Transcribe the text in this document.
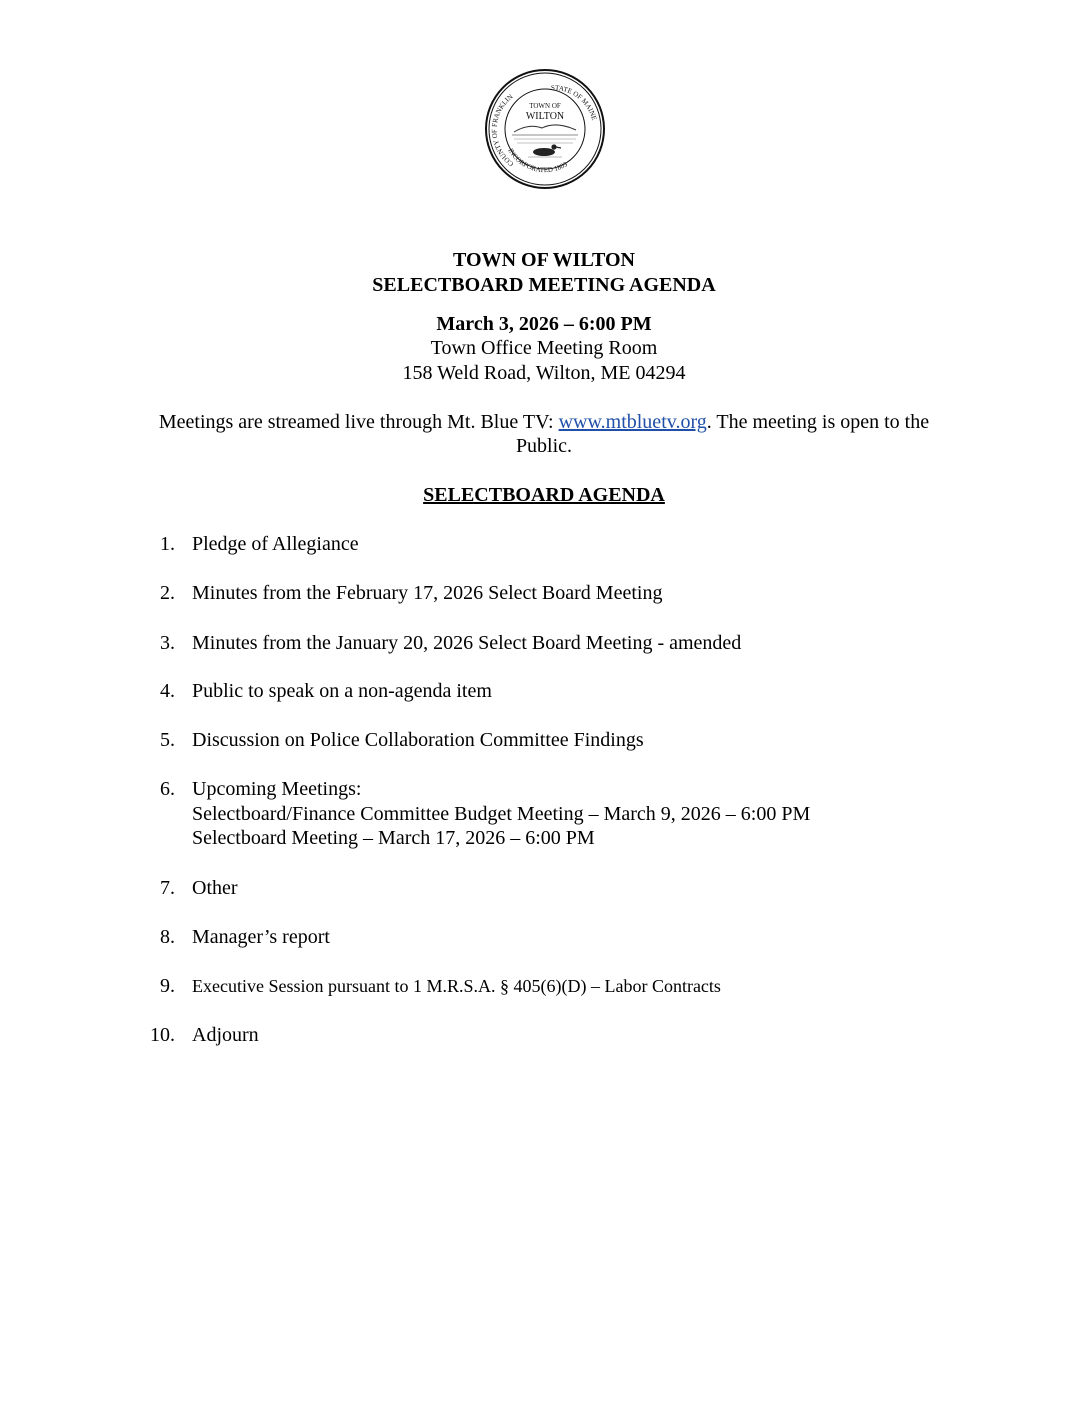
COUNTY OF FRANKLIN
STATE OF MAINE
INCORPORATED 1803
TOWN OF
WILTON
TOWN OF WILTON
SELECTBOARD MEETING AGENDA
March 3, 2026 – 6:00 PM
Town Office Meeting Room
158 Weld Road, Wilton, ME 04294
Meetings are streamed live through Mt. Blue TV: www.mtbluetv.org. The meeting is open to the
Public.
SELECTBOARD AGENDA
1. Pledge of Allegiance
2. Minutes from the February 17, 2026 Select Board Meeting
3. Minutes from the January 20, 2026 Select Board Meeting - amended
4. Public to speak on a non-agenda item
5. Discussion on Police Collaboration Committee Findings
6. Upcoming Meetings:
Selectboard/Finance Committee Budget Meeting – March 9, 2026 – 6:00 PM
Selectboard Meeting – March 17, 2026 – 6:00 PM
7. Other
8. Manager’s report
9. Executive Session pursuant to 1 M.R.S.A. § 405(6)(D) – Labor Contracts
10. Adjourn
